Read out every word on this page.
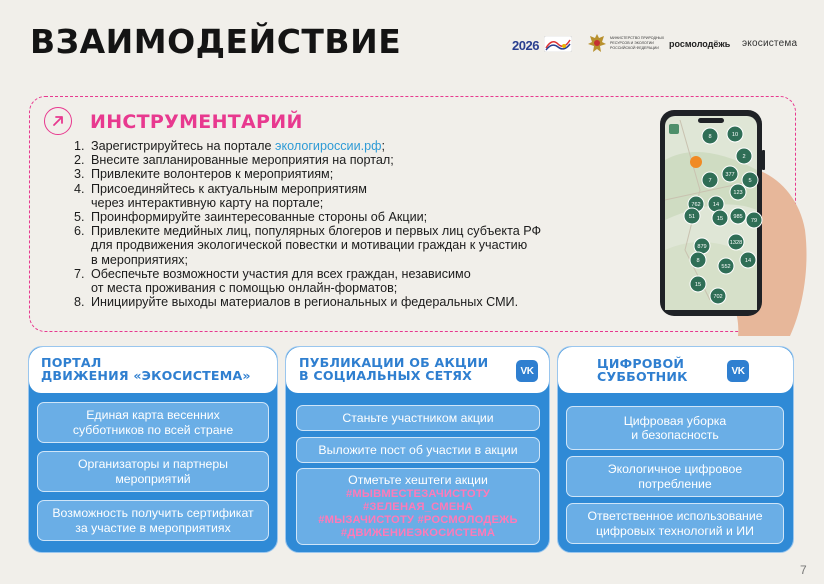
ВЗАИМОДЕЙСТВИЕ	2026	МИНИСТЕРСТВО ПРИРОДНЫХ РЕСУРСОВ И ЭКОЛОГИИ РОССИЙСКОЙ ФЕДЕРАЦИИ	росмолодёжь экосистема
ИНСТРУМЕНТАРИЙ
1. Зарегистрируйтесь на портале экологироссии.рф;
2. Внесите запланированные мероприятия на портал;
3. Привлеките волонтеров к мероприятиям;
4. Присоединяйтесь к актуальным мероприятиям
через интерактивную карту на портале;
5. Проинформируйте заинтересованные стороны об Акции;
6. Привлеките медийных лиц, популярных блогеров и первых лиц субъекта РФ
для продвижения экологической повестки и мотивации граждан к участию
в мероприятиях;
7. Обеспечьте возможности участия для всех граждан, независимо
от места проживания с помощью онлайн-форматов;
8. Инициируйте выходы материалов в региональных и федеральных СМИ.
8	10
2
377
5
7
123
762 14
51	15 985
79
879
1328
8
552
14
15
702
ПОРТАЛ
ДВИЖЕНИЯ «ЭКОСИСТЕМА»
Единая карта весенних
субботников по всей стране
Организаторы и партнеры
мероприятий
Возможность получить сертификат
за участие в мероприятиях
ПУБЛИКАЦИИ ОБ АКЦИИ
В СОЦИАЛЬНЫХ СЕТЯХ	VK
Станьте участником акции
Выложите пост об участии в акции
Отметьте хештеги акции
#МЫВМЕСТЕЗАЧИСТОТУ
#ЗЕЛЕНАЯ_СМЕНА
#МЫЗАЧИСТОТУ #РОСМОЛОДЕЖЬ
#ДВИЖЕНИЕЭКОСИСТЕМА
ЦИФРОВОЙ
СУББОТНИК	VK
Цифровая уборка
и безопасность
Экологичное цифровое
потребление
Ответственное использование
цифровых технологий и ИИ
7
